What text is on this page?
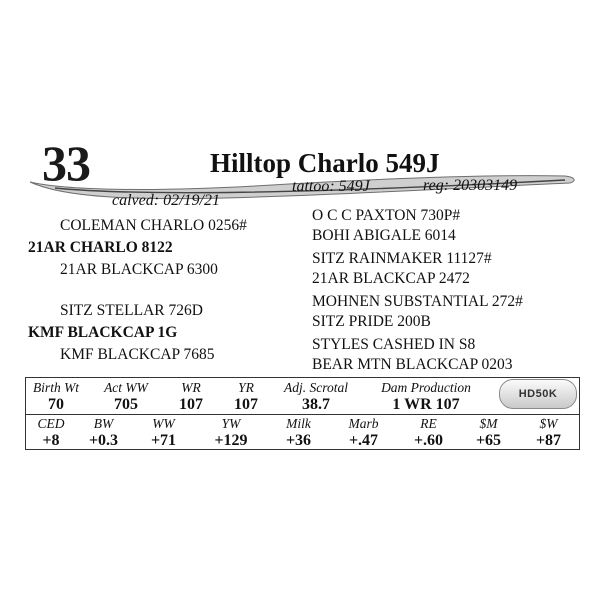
33	Hilltop Charlo 549J
tattoo: 549J	reg: 20303149
calved: 02/19/21
COLEMAN CHARLO 0256#
21AR CHARLO 8122
21AR BLACKCAP 6300
SITZ STELLAR 726D
KMF BLACKCAP 1G
KMF BLACKCAP 7685
O C C PAXTON 730P#
BOHI ABIGALE 6014
SITZ RAINMAKER 11127#
21AR BLACKCAP 2472
MOHNEN SUBSTANTIAL 272#
SITZ PRIDE 200B
STYLES CASHED IN S8
BEAR MTN BLACKCAP 0203
Birth Wt	Act WW	WR	YR	Adj. Scrotal	Dam Production
70	705	107	107	38.7	1 WR 107
CED	BW	WW	YW	Milk	Marb	RE	$M	$W
+8	+0.3	+71	+129	+36	+.47	+.60	+65	+87
HD50K
